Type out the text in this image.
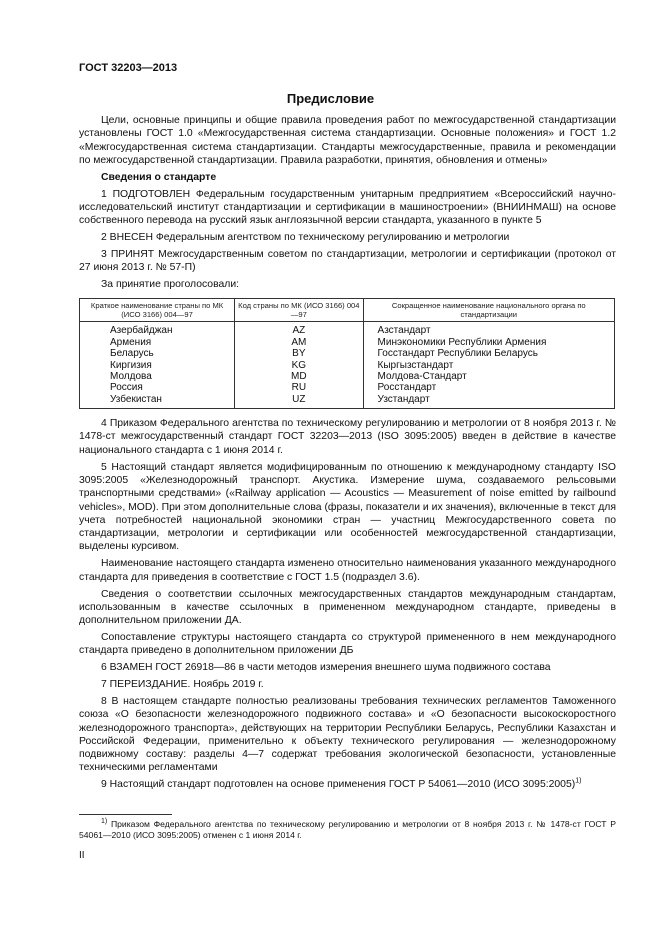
ГОСТ 32203—2013
Предисловие

Цели, основные принципы и общие правила проведения работ по межгосударственной стандартизации установлены ГОСТ 1.0 «Межгосударственная система стандартизации. Основные положения» и ГОСТ 1.2 «Межгосударственная система стандартизации. Стандарты межгосударственные, правила и рекомендации по межгосударственной стандартизации. Правила разработки, принятия, обновления и отмены»

Сведения о стандарте

1 ПОДГОТОВЛЕН Федеральным государственным унитарным предприятием «Всероссийский научно-исследовательский институт стандартизации и сертификации в машиностроении» (ВНИИНМАШ) на основе собственного перевода на русский язык англоязычной версии стандарта, указанного в пункте 5

2 ВНЕСЕН Федеральным агентством по техническому регулированию и метрологии

3 ПРИНЯТ Межгосударственным советом по стандартизации, метрологии и сертификации (протокол от 27 июня 2013 г. № 57-П)

За принятие проголосовали:

Краткое наименование страны по МК (ИСО 3166) 004—97	Код страны по МК (ИСО 3166) 004—97	Сокращенное наименование национального органа по стандартизации
Азербайджан	AZ	Азстандарт
Армения	AM	Минэкономики Республики Армения
Беларусь	BY	Госстандарт Республики Беларусь
Киргизия	KG	Кыргызстандарт
Молдова	MD	Молдова-Стандарт
Россия	RU	Росстандарт
Узбекистан	UZ	Узстандарт

4 Приказом Федерального агентства по техническому регулированию и метрологии от 8 ноября 2013 г. № 1478-ст межгосударственный стандарт ГОСТ 32203—2013 (ISO 3095:2005) введен в действие в качестве национального стандарта с 1 июня 2014 г.

5 Настоящий стандарт является модифицированным по отношению к международному стандарту ISO 3095:2005 «Железнодорожный транспорт. Акустика. Измерение шума, создаваемого рельсовыми транспортными средствами» («Railway application — Acoustics — Measurement of noise emitted by railbound vehicles», MOD). При этом дополнительные слова (фразы, показатели и их значения), включенные в текст для учета потребностей национальной экономики стран — участниц Межгосударственного совета по стандартизации, метрологии и сертификации или особенностей межгосударственной стандартизации, выделены курсивом.

Наименование настоящего стандарта изменено относительно наименования указанного международного стандарта для приведения в соответствие с ГОСТ 1.5 (подраздел 3.6).

Сведения о соответствии ссылочных межгосударственных стандартов международным стандартам, использованным в качестве ссылочных в примененном международном стандарте, приведены в дополнительном приложении ДА.

Сопоставление структуры настоящего стандарта со структурой примененного в нем международного стандарта приведено в дополнительном приложении ДБ

6 ВЗАМЕН ГОСТ 26918—86 в части методов измерения внешнего шума подвижного состава

7 ПЕРЕИЗДАНИЕ. Ноябрь 2019 г.

8 В настоящем стандарте полностью реализованы требования технических регламентов Таможенного союза «О безопасности железнодорожного подвижного состава» и «О безопасности высокоскоростного железнодорожного транспорта», действующих на территории Республики Беларусь, Республики Казахстан и Российской Федерации, применительно к объекту технического регулирования — железнодорожному подвижному составу: разделы 4—7 содержат требования экологической безопасности, установленные техническими регламентами

9 Настоящий стандарт подготовлен на основе применения ГОСТ Р 54061—2010 (ИСО 3095:2005)$^{1)}$

$^{1)}$ Приказом Федерального агентства по техническому регулированию и метрологии от 8 ноября 2013 г. № 1478-ст ГОСТ Р 54061—2010 (ИСО 3095:2005) отменен с 1 июня 2014 г.
II
